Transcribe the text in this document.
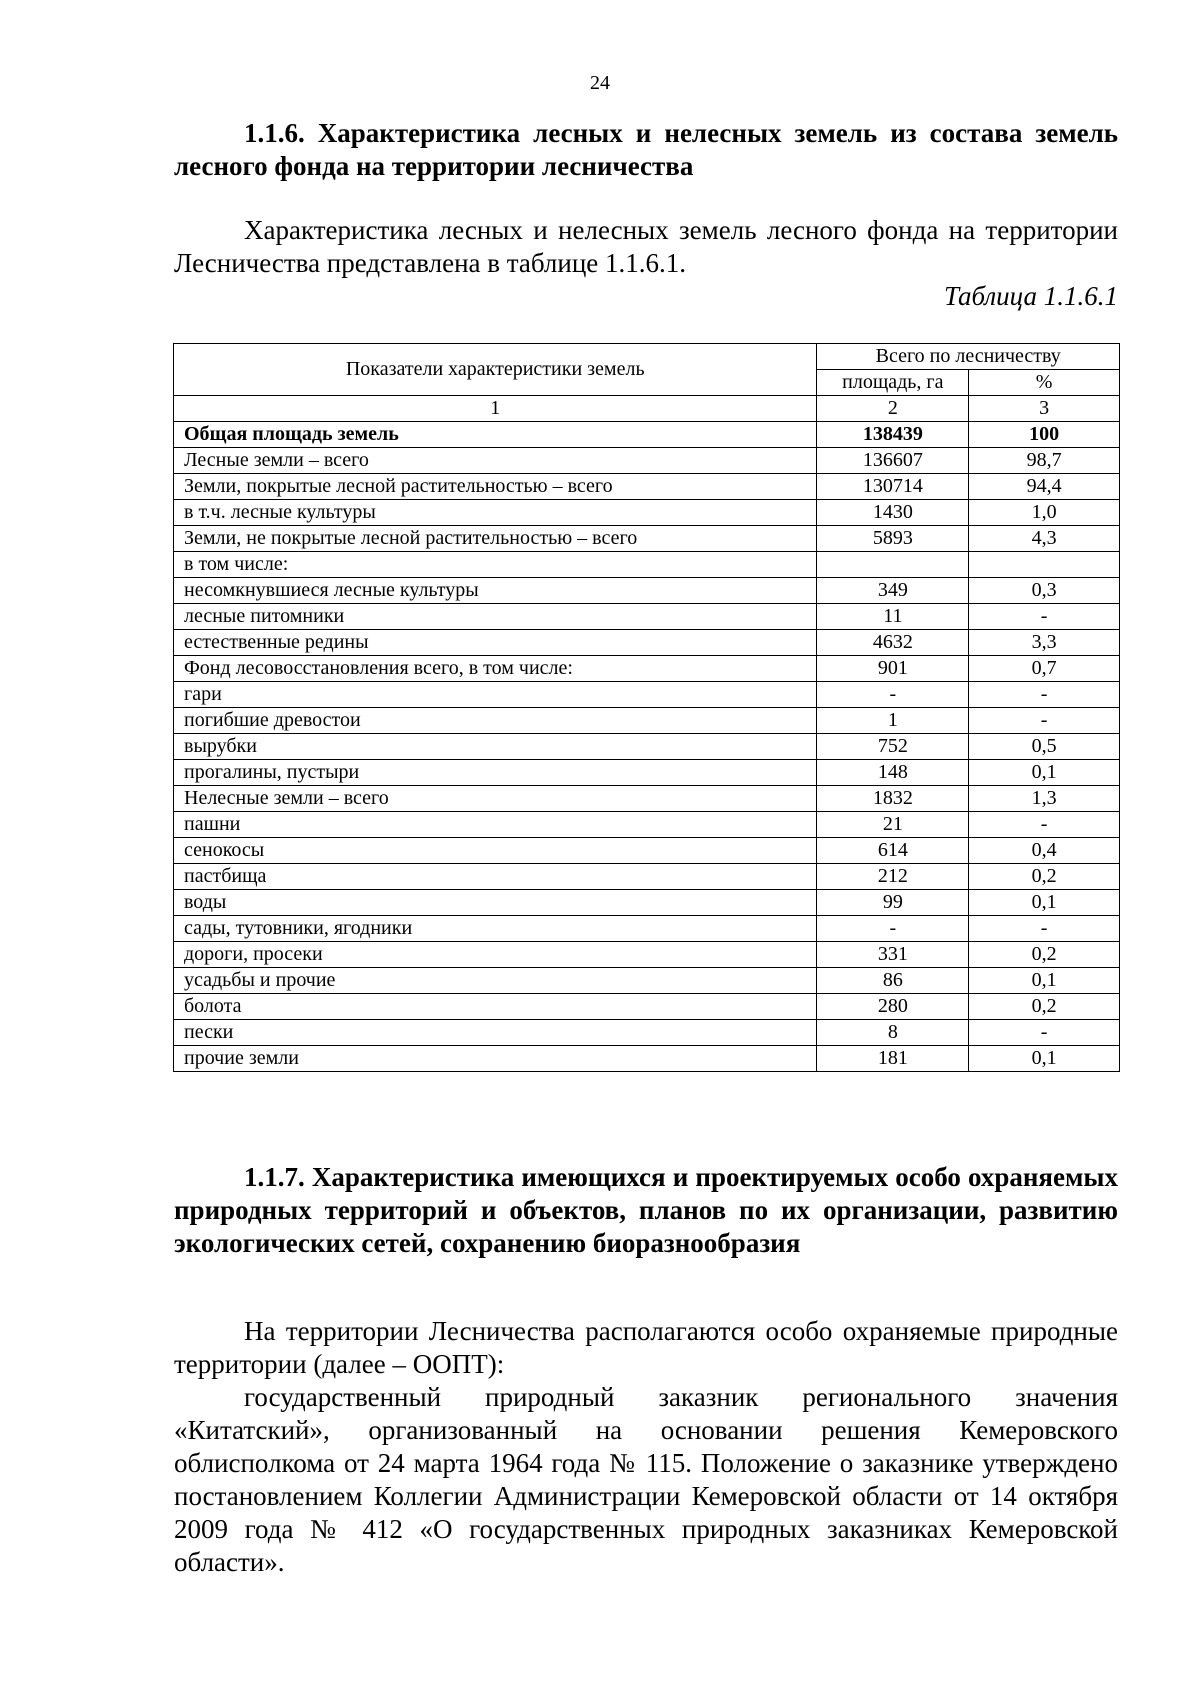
24
1.1.6. Характеристика лесных и нелесных земель из состава земель лесного фонда на территории лесничества
Характеристика лесных и нелесных земель лесного фонда на территории Лесничества представлена в таблице 1.1.6.1.
Таблица 1.1.6.1
Показатели характеристики земель	Всего по лесничеству	
	площадь, га	%
1	2	3
Общая площадь земель	138439	100
Лесные земли – всего	136607	98,7
Земли, покрытые лесной растительностью – всего	130714	94,4
в т.ч. лесные культуры	1430	1,0
Земли, не покрытые лесной растительностью – всего	5893	4,3
в том числе:		
несомкнувшиеся лесные культуры	349	0,3
лесные питомники	11	-
естественные редины	4632	3,3
Фонд лесовосстановления всего, в том числе:	901	0,7
гари	-	-
погибшие древостои	1	-
вырубки	752	0,5
прогалины, пустыри	148	0,1
Нелесные земли – всего	1832	1,3
пашни	21	-
сенокосы	614	0,4
пастбища	212	0,2
воды	99	0,1
сады, тутовники, ягодники	-	-
дороги, просеки	331	0,2
усадьбы и прочие	86	0,1
болота	280	0,2
пески	8	-
прочие земли	181	0,1
1.1.7. Характеристика имеющихся и проектируемых особо охраняемых природных территорий и объектов, планов по их организации, развитию экологических сетей, сохранению биоразнообразия
На территории Лесничества располагаются особо охраняемые природные территории (далее – ООПТ):
государственный природный заказник регионального значения «Китатский», организованный на основании решения Кемеровского облисполкома от 24 марта 1964 года № 115. Положение о заказнике утверждено постановлением Коллегии Администрации Кемеровской области от 14 октября 2009 года № 412 «О государственных природных заказниках Кемеровской области».
